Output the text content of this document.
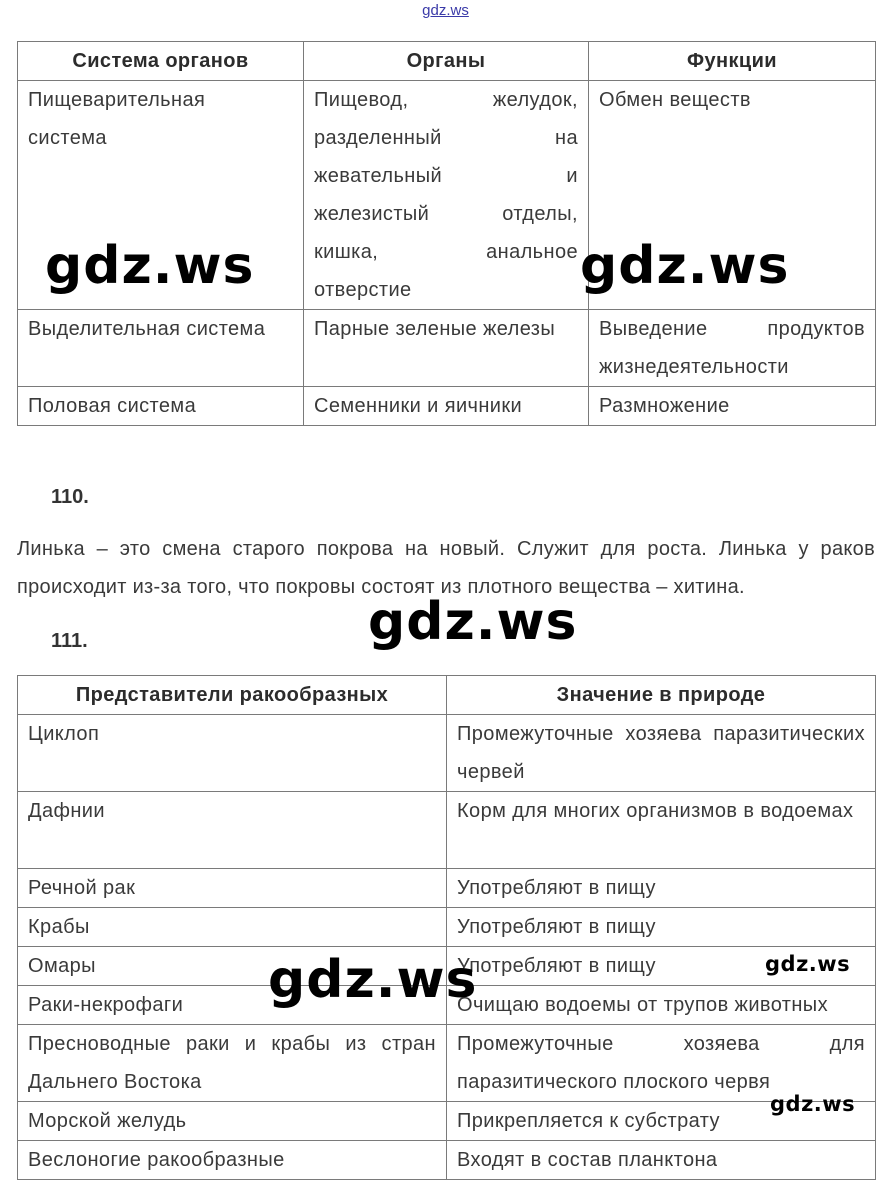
gdz.ws
Система органов	Органы	Функции
Пищеварительная система	Пищевод, желудок, разделенный на жевательный и железистый отделы, кишка, анальное отверстие	Обмен веществ
Выделительная система	Парные зеленые железы	Выведение продуктов жизнедеятельности
Половая система	Семенники и яичники	Размножение
110.
Линька – это смена старого покрова на новый. Служит для роста. Линька у раков происходит из-за того, что покровы состоят из плотного вещества – хитина.
111.
Представители ракообразных	Значение в природе
Циклоп	Промежуточные хозяева паразитических червей
Дафнии	Корм для многих организмов в водоемах
Речной рак	Употребляют в пищу
Крабы	Употребляют в пищу
Омары	Употребляют в пищу
Раки-некрофаги	Очищаю водоемы от трупов животных
Пресноводные раки и крабы из стран Дальнего Востока	Промежуточные хозяева для паразитического плоского червя
Морской желудь	Прикрепляется к субстрату
Веслоногие ракообразные	Входят в состав планктона
gdz.ws	gdz.ws
gdz.ws
gdz.ws	gdz.ws
gdz.ws
